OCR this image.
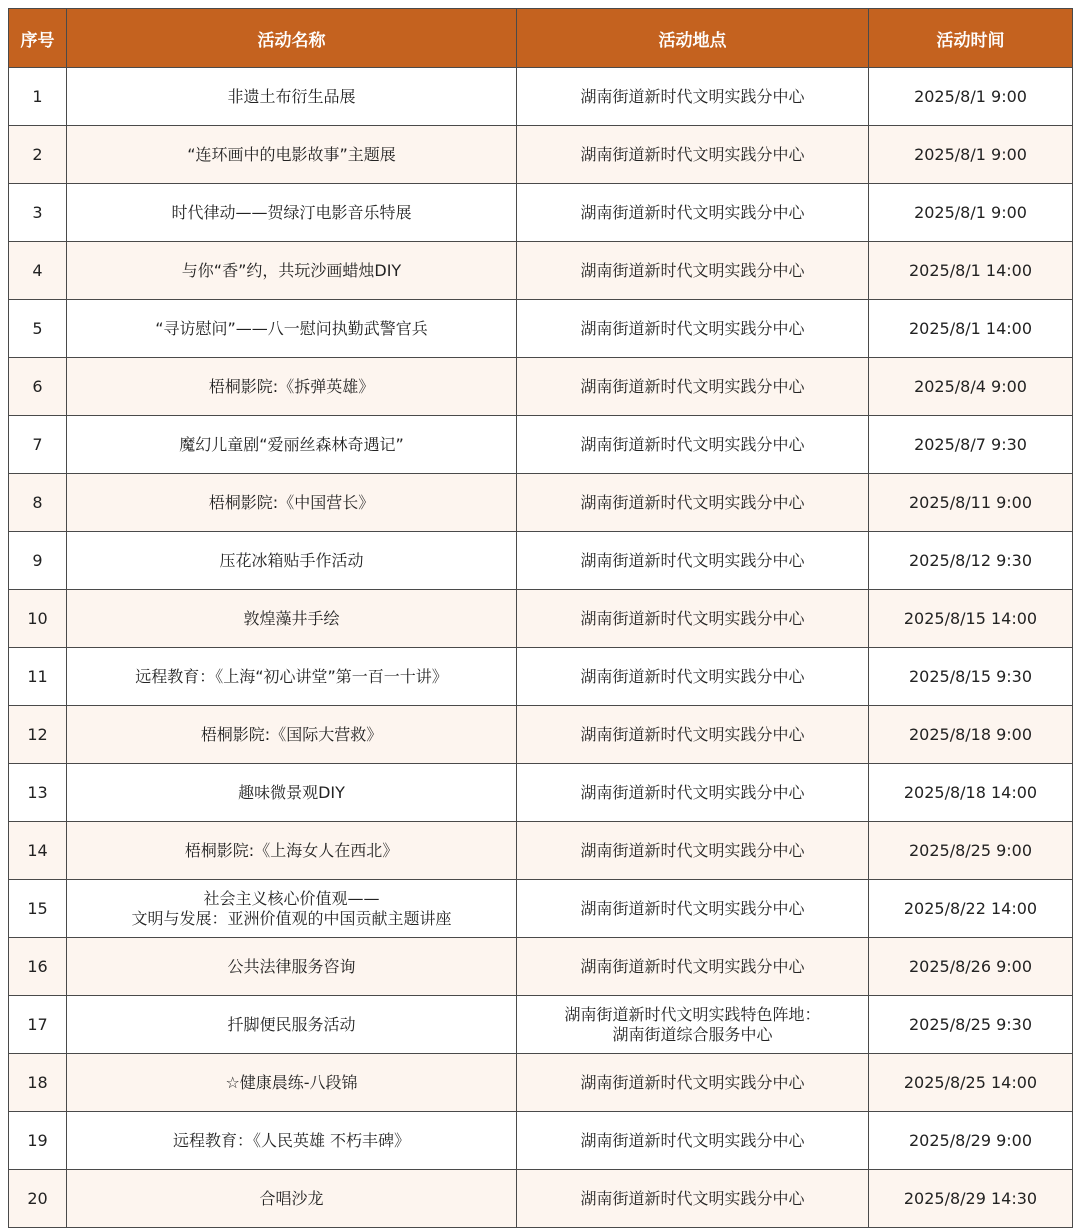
序号	活动名称	活动地点	活动时间
1	非遗土布衍生品展	湖南街道新时代文明实践分中心	2025/8/1 9:00
2	“连环画中的电影故事”主题展	湖南街道新时代文明实践分中心	2025/8/1 9:00
3	时代律动——贺绿汀电影音乐特展	湖南街道新时代文明实践分中心	2025/8/1 9:00
4	与你“香”约，共玩沙画蜡烛DIY	湖南街道新时代文明实践分中心	2025/8/1 14:00
5	“寻访慰问”——八一慰问执勤武警官兵	湖南街道新时代文明实践分中心	2025/8/1 14:00
6	梧桐影院:《拆弹英雄》	湖南街道新时代文明实践分中心	2025/8/4 9:00
7	魔幻儿童剧“爱丽丝森林奇遇记”	湖南街道新时代文明实践分中心	2025/8/7 9:30
8	梧桐影院:《中国营长》	湖南街道新时代文明实践分中心	2025/8/11 9:00
9	压花冰箱贴手作活动	湖南街道新时代文明实践分中心	2025/8/12 9:30
10	敦煌藻井手绘	湖南街道新时代文明实践分中心	2025/8/15 14:00
11	远程教育：《上海“初心讲堂”第一百一十讲》	湖南街道新时代文明实践分中心	2025/8/15 9:30
12	梧桐影院:《国际大营救》	湖南街道新时代文明实践分中心	2025/8/18 9:00
13	趣味微景观DIY	湖南街道新时代文明实践分中心	2025/8/18 14:00
14	梧桐影院:《上海女人在西北》	湖南街道新时代文明实践分中心	2025/8/25 9:00
15	社会主义核心价值观——
文明与发展：亚洲价值观的中国贡献主题讲座	湖南街道新时代文明实践分中心	2025/8/22 14:00
16	公共法律服务咨询	湖南街道新时代文明实践分中心	2025/8/26 9:00
17	扦脚便民服务活动	湖南街道新时代文明实践特色阵地：
湖南街道综合服务中心	2025/8/25 9:30
18	☆健康晨练-八段锦	湖南街道新时代文明实践分中心	2025/8/25 14:00
19	远程教育：《人民英雄 不朽丰碑》	湖南街道新时代文明实践分中心	2025/8/29 9:00
20	合唱沙龙	湖南街道新时代文明实践分中心	2025/8/29 14:30
